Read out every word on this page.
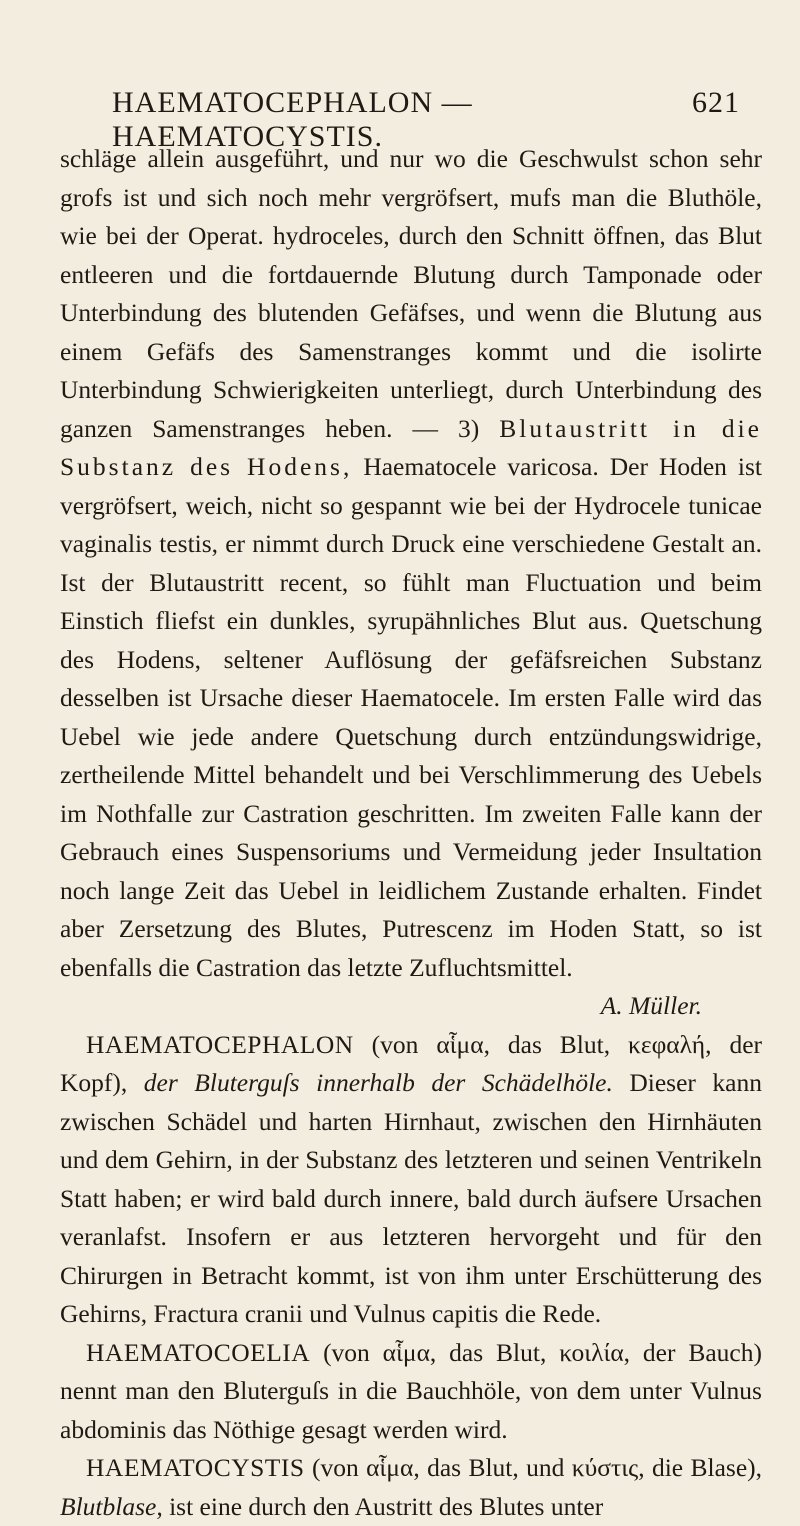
HAEMATOCEPHALON — HAEMATOCYSTIS.
621

schläge allein ausgeführt, und nur wo die Geschwulst schon sehr grofs ist und sich noch mehr vergröfsert, mufs man die Bluthöle, wie bei der Operat. hydroceles, durch den Schnitt öffnen, das Blut entleeren und die fortdauernde Blutung durch Tamponade oder Unterbindung des blutenden Gefäfses, und wenn die Blutung aus einem Gefäfs des Samenstranges kommt und die isolirte Unterbindung Schwierigkeiten unterliegt, durch Unterbindung des ganzen Samenstranges heben. — 3) Blutaustritt in die Substanz des Hodens, Haematocele varicosa. Der Hoden ist vergröfsert, weich, nicht so gespannt wie bei der Hydrocele tunicae vaginalis testis, er nimmt durch Druck eine verschiedene Gestalt an. Ist der Blutaustritt recent, so fühlt man Fluctuation und beim Einstich fliefst ein dunkles, syrupähnliches Blut aus. Quetschung des Hodens, seltener Auflösung der gefäfsreichen Substanz desselben ist Ursache dieser Haematocele. Im ersten Falle wird das Uebel wie jede andere Quetschung durch entzündungswidrige, zertheilende Mittel behandelt und bei Verschlimmerung des Uebels im Nothfalle zur Castration geschritten. Im zweiten Falle kann der Gebrauch eines Suspensoriums und Vermeidung jeder Insultation noch lange Zeit das Uebel in leidlichem Zustande erhalten. Findet aber Zersetzung des Blutes, Putrescenz im Hoden Statt, so ist ebenfalls die Castration das letzte Zufluchtsmittel.

A. Müller.

HAEMATOCEPHALON (von αἷμα, das Blut, κεφαλή, der Kopf), der Bluterguſs innerhalb der Schädelhöle. Dieser kann zwischen Schädel und harten Hirnhaut, zwischen den Hirnhäuten und dem Gehirn, in der Substanz des letzteren und seinen Ventrikeln Statt haben; er wird bald durch innere, bald durch äufsere Ursachen veranlafst. Insofern er aus letzteren hervorgeht und für den Chirurgen in Betracht kommt, ist von ihm unter Erschütterung des Gehirns, Fractura cranii und Vulnus capitis die Rede.

HAEMATOCOELIA (von αἷμα, das Blut, κοιλία, der Bauch) nennt man den Bluterguſs in die Bauchhöle, von dem unter Vulnus abdominis das Nöthige gesagt werden wird.

HAEMATOCYSTIS (von αἷμα, das Blut, und κύστις, die Blase), Blutblase, ist eine durch den Austritt des Blutes unter
